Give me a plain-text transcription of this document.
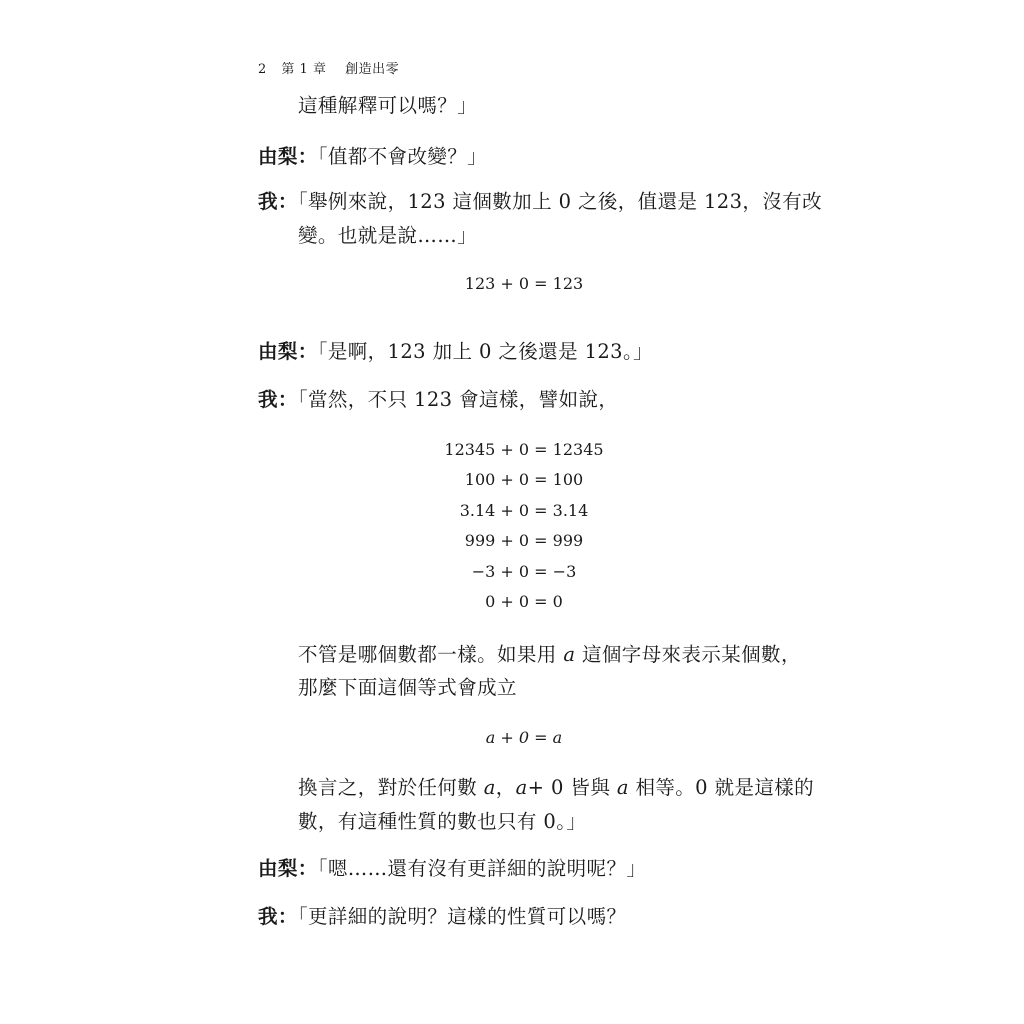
2 第 1 章 創造出零
這種解釋可以嗎？」
由梨：「值都不會改變？」
我：「舉例來說，123 這個數加上 0 之後，值還是 123，沒有改
變。也就是說……」
123 + 0 = 123
由梨：「是啊，123 加上 0 之後還是 123。」
我：「當然，不只 123 會這樣，譬如說，
12345 + 0 = 12345
100 + 0 = 100
3.14 + 0 = 3.14
999 + 0 = 999
−3 + 0 = −3
0 + 0 = 0
不管是哪個數都一樣。如果用 a 這個字母來表示某個數，
那麼下面這個等式會成立
a + 0 = a
換言之，對於任何數 a，a+ 0 皆與 a 相等。0 就是這樣的
數，有這種性質的數也只有 0。」
由梨：「嗯……還有沒有更詳細的說明呢？」
我：「更詳細的說明？這樣的性質可以嗎？
